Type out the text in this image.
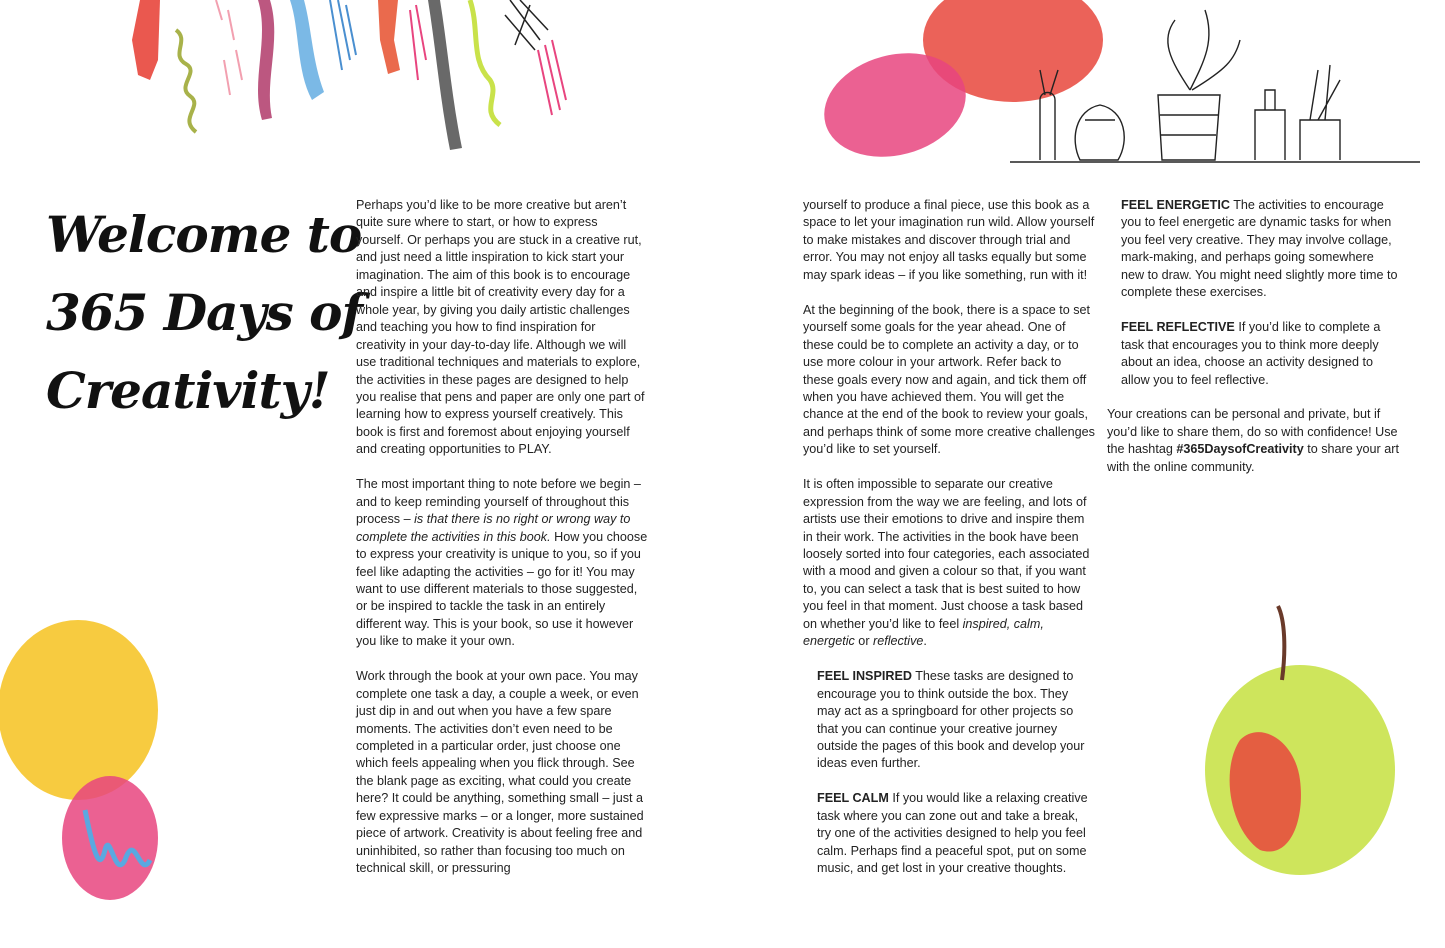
Welcome to
365 Days of
Creativity!

Perhaps you’d like to be more creative but aren’t quite sure where to start, or how to express yourself. Or perhaps you are stuck in a creative rut, and just need a little inspiration to kick start your imagination. The aim of this book is to encourage and inspire a little bit of creativity every day for a whole year, by giving you daily artistic challenges and teaching you how to find inspiration for creativity in your day-to-day life. Although we will use traditional techniques and materials to explore, the activities in these pages are designed to help you realise that pens and paper are only one part of learning how to express yourself creatively. This book is first and foremost about enjoying yourself and creating opportunities to PLAY.

The most important thing to note before we begin – and to keep reminding yourself of throughout this process – is that there is no right or wrong way to complete the activities in this book. How you choose to express your creativity is unique to you, so if you feel like adapting the activities – go for it! You may want to use different materials to those suggested, or be inspired to tackle the task in an entirely different way. This is your book, so use it however you like to make it your own.

Work through the book at your own pace. You may complete one task a day, a couple a week, or even just dip in and out when you have a few spare moments. The activities don’t even need to be completed in a particular order, just choose one which feels appealing when you flick through. See the blank page as exciting, what could you create here? It could be anything, something small – just a few expressive marks – or a longer, more sustained piece of artwork. Creativity is about feeling free and uninhibited, so rather than focusing too much on technical skill, or pressuring

yourself to produce a final piece, use this book as a space to let your imagination run wild. Allow yourself to make mistakes and discover through trial and error. You may not enjoy all tasks equally but some may spark ideas – if you like something, run with it!

At the beginning of the book, there is a space to set yourself some goals for the year ahead. One of these could be to complete an activity a day, or to use more colour in your artwork. Refer back to these goals every now and again, and tick them off when you have achieved them. You will get the chance at the end of the book to review your goals, and perhaps think of some more creative challenges you’d like to set yourself.

It is often impossible to separate our creative expression from the way we are feeling, and lots of artists use their emotions to drive and inspire them in their work. The activities in the book have been loosely sorted into four categories, each associated with a mood and given a colour so that, if you want to, you can select a task that is best suited to how you feel in that moment. Just choose a task based on whether you’d like to feel inspired, calm, energetic or reflective.

FEEL INSPIRED These tasks are designed to encourage you to think outside the box. They may act as a springboard for other projects so that you can continue your creative journey outside the pages of this book and develop your ideas even further.

FEEL CALM If you would like a relaxing creative task where you can zone out and take a break, try one of the activities designed to help you feel calm. Perhaps find a peaceful spot, put on some music, and get lost in your creative thoughts.

FEEL ENERGETIC The activities to encourage you to feel energetic are dynamic tasks for when you feel very creative. They may involve collage, mark-making, and perhaps going somewhere new to draw. You might need slightly more time to complete these exercises.

FEEL REFLECTIVE If you’d like to complete a task that encourages you to think more deeply about an idea, choose an activity designed to allow you to feel reflective.

Your creations can be personal and private, but if you’d like to share them, do so with confidence! Use the hashtag #365DaysofCreativity to share your art with the online community.
